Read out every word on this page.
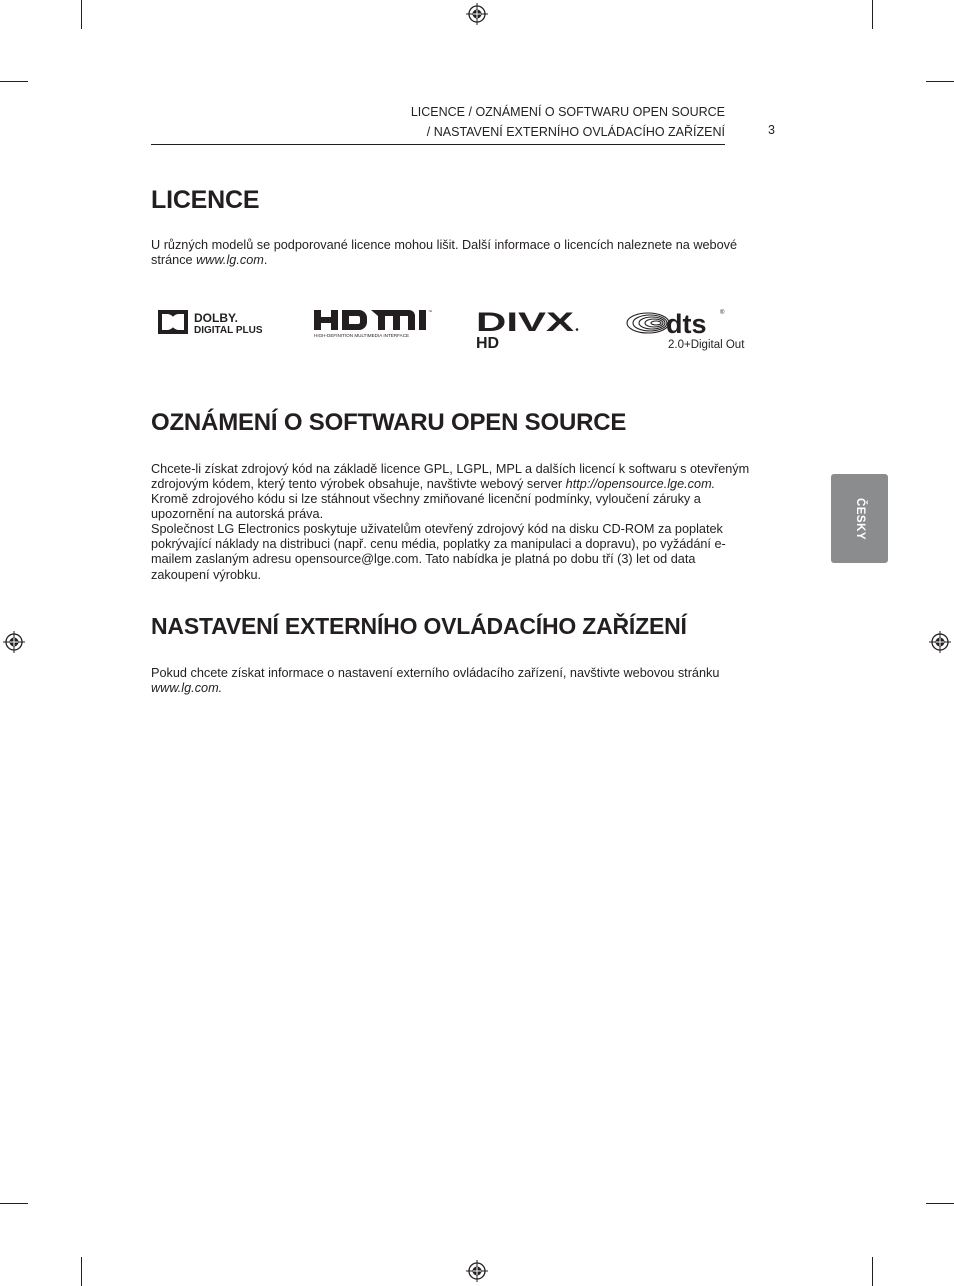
LICENCE / OZNÁMENÍ O SOFTWARU OPEN SOURCE
/ NASTAVENÍ EXTERNÍHO OVLÁDACÍHO ZAŘÍZENÍ	3
LICENCE

U různých modelů se podporované licence mohou lišit. Další informace o licencích naleznete na webové stránce www.lg.com.

DOLBY.
DIGITAL PLUS
™
HIGH-DEFINITION MULTIMEDIA INTERFACE DIVX
HD
dts ®
2.0+Digital Out
OZNÁMENÍ O SOFTWARU OPEN SOURCE

Chcete-li získat zdrojový kód na základě licence GPL, LGPL, MPL a dalších licencí k softwaru s otevřeným zdrojovým kódem, který tento výrobek obsahuje, navštivte webový server http://opensource.lge.com.

Kromě zdrojového kódu si lze stáhnout všechny zmiňované licenční podmínky, vyloučení záruky a upozornění na autorská práva.

Společnost LG Electronics poskytuje uživatelům otevřený zdrojový kód na disku CD-ROM za poplatek pokrývající náklady na distribuci (např. cenu média, poplatky za manipulaci a dopravu), po vyžádání e-mailem zaslaným adresu opensource@lge.com. Tato nabídka je platná po dobu tří (3) let od data zakoupení výrobku.

NASTAVENÍ EXTERNÍHO OVLÁDACÍHO ZAŘÍZENÍ

Pokud chcete získat informace o nastavení externího ovládacího zařízení, navštivte webovou stránku www.lg.com.

ČESKY
